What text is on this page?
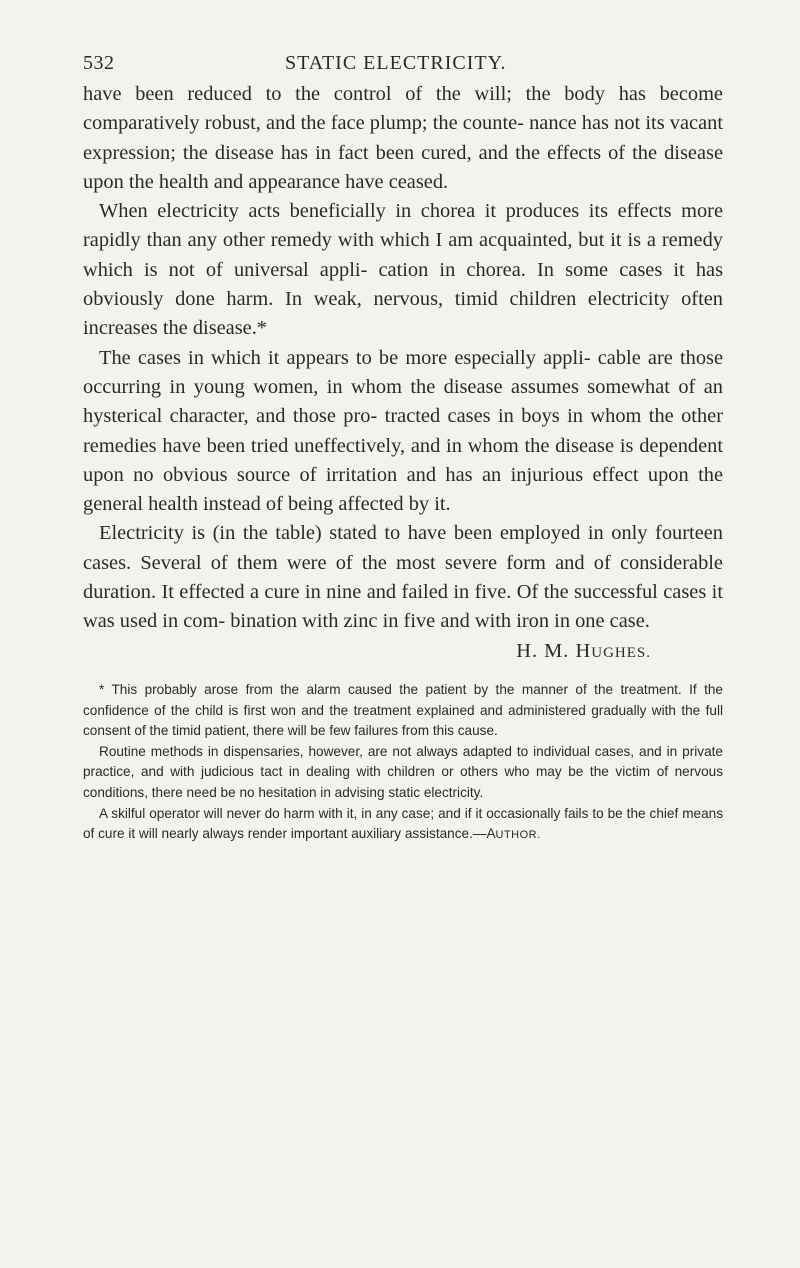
532	STATIC ELECTRICITY.

have been reduced to the control of the will; the body has become comparatively robust, and the face plump; the counte- nance has not its vacant expression; the disease has in fact been cured, and the effects of the disease upon the health and appearance have ceased.

When electricity acts beneficially in chorea it produces its effects more rapidly than any other remedy with which I am acquainted, but it is a remedy which is not of universal appli- cation in chorea. In some cases it has obviously done harm. In weak, nervous, timid children electricity often increases the disease.*

The cases in which it appears to be more especially appli- cable are those occurring in young women, in whom the disease assumes somewhat of an hysterical character, and those pro- tracted cases in boys in whom the other remedies have been tried uneffectively, and in whom the disease is dependent upon no obvious source of irritation and has an injurious effect upon the general health instead of being affected by it.

Electricity is (in the table) stated to have been employed in only fourteen cases. Several of them were of the most severe form and of considerable duration. It effected a cure in nine and failed in five. Of the successful cases it was used in com- bination with zinc in five and with iron in one case.

H. M. HUGHES.

* This probably arose from the alarm caused the patient by the manner of the treatment. If the confidence of the child is first won and the treatment explained and administered gradually with the full consent of the timid patient, there will be few failures from this cause.

Routine methods in dispensaries, however, are not always adapted to individual cases, and in private practice, and with judicious tact in dealing with children or others who may be the victim of nervous conditions, there need be no hesitation in advising static electricity.

A skilful operator will never do harm with it, in any case; and if it occasionally fails to be the chief means of cure it will nearly always render important auxiliary assistance.—AUTHOR.
